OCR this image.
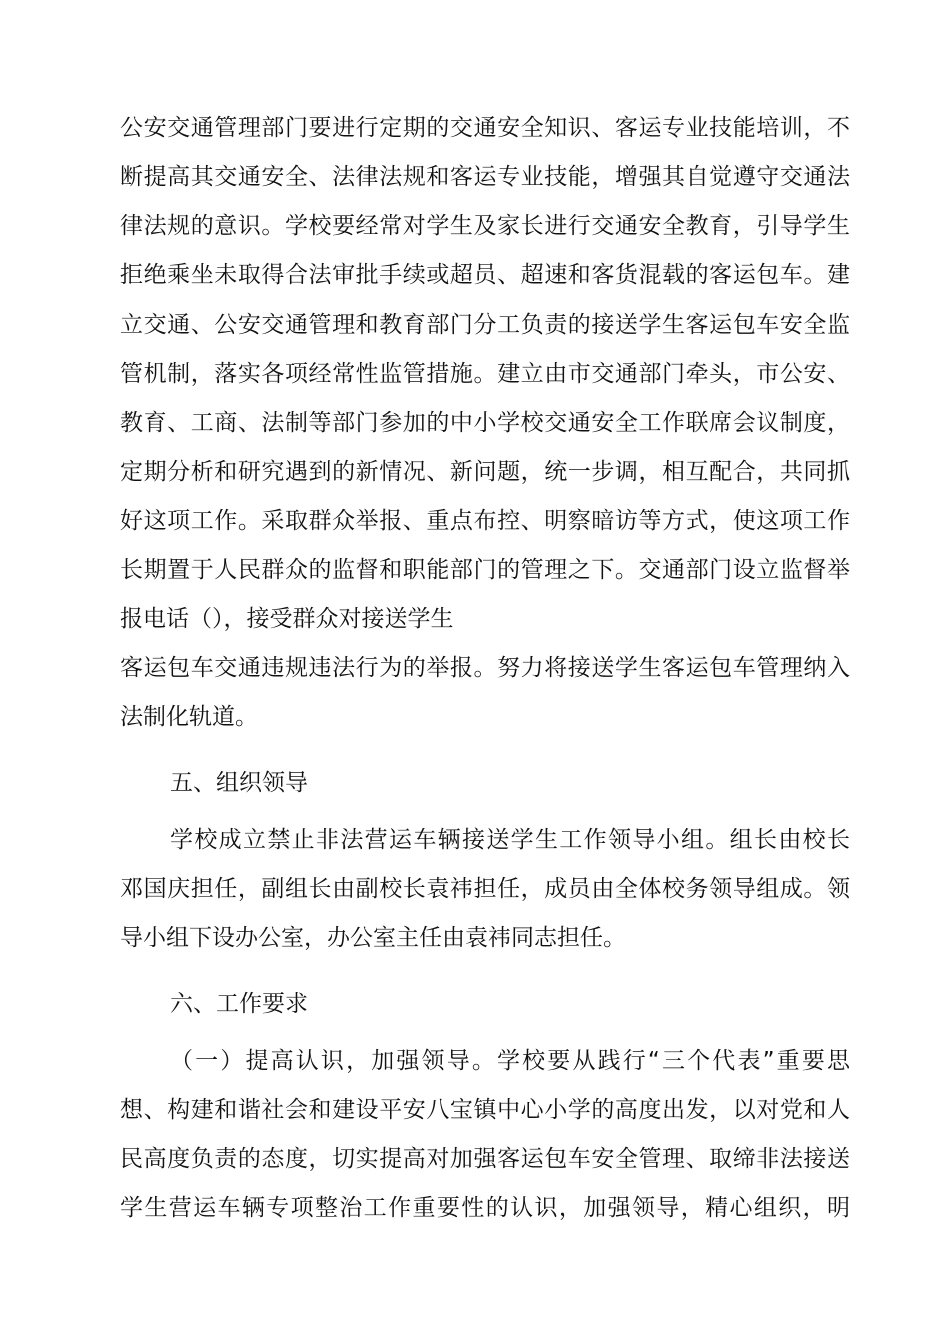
公安交通管理部门要进行定期的交通安全知识、客运专业技能培训，不
断提高其交通安全、法律法规和客运专业技能，增强其自觉遵守交通法
律法规的意识。学校要经常对学生及家长进行交通安全教育，引导学生
拒绝乘坐未取得合法审批手续或超员、超速和客货混载的客运包车。建
立交通、公安交通管理和教育部门分工负责的接送学生客运包车安全监
管机制，落实各项经常性监管措施。建立由市交通部门牵头，市公安、
教育、工商、法制等部门参加的中小学校交通安全工作联席会议制度，
定期分析和研究遇到的新情况、新问题，统一步调，相互配合，共同抓
好这项工作。采取群众举报、重点布控、明察暗访等方式，使这项工作
长期置于人民群众的监督和职能部门的管理之下。交通部门设立监督举
报电话（），接受群众对接送学生
客运包车交通违规违法行为的举报。努力将接送学生客运包车管理纳入
法制化轨道。
五、组织领导
学校成立禁止非法营运车辆接送学生工作领导小组。组长由校长
邓国庆担任，副组长由副校长袁祎担任，成员由全体校务领导组成。领
导小组下设办公室，办公室主任由袁祎同志担任。
六、工作要求
（一）提高认识，加强领导。学校要从践行“三个代表”重要思
想、构建和谐社会和建设平安八宝镇中心小学的高度出发，以对党和人
民高度负责的态度，切实提高对加强客运包车安全管理、取缔非法接送
学生营运车辆专项整治工作重要性的认识，加强领导，精心组织，明
